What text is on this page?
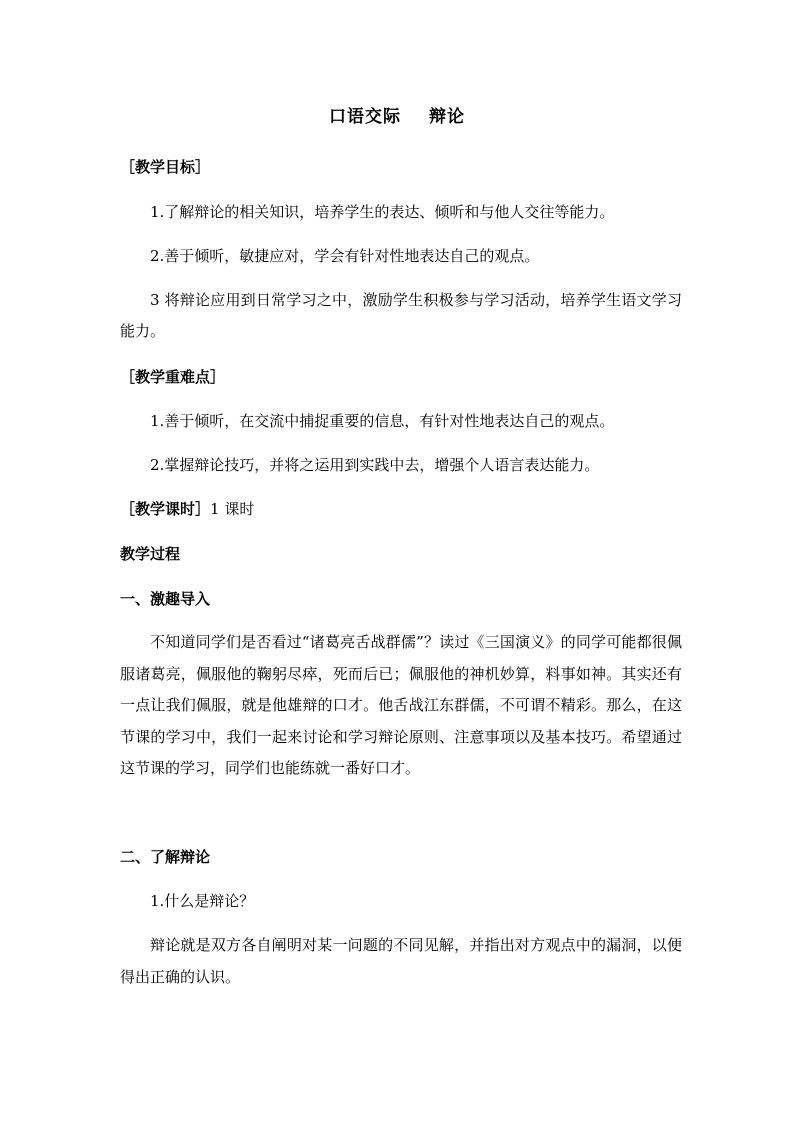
口语交际 辩论
［教学目标］
1.了解辩论的相关知识，培养学生的表达、倾听和与他人交往等能力。
2.善于倾听，敏捷应对，学会有针对性地表达自己的观点。
3 将辩论应用到日常学习之中，激励学生积极参与学习活动，培养学生语文学习能力。
［教学重难点］
1.善于倾听，在交流中捕捉重要的信息，有针对性地表达自己的观点。
2.掌握辩论技巧，并将之运用到实践中去，增强个人语言表达能力。
［教学课时］1 课时
教学过程
一、激趣导入
不知道同学们是否看过“诸葛亮舌战群儒”？读过《三国演义》的同学可能都很佩服诸葛亮，佩服他的鞠躬尽瘁，死而后已；佩服他的神机妙算，料事如神。其实还有一点让我们佩服，就是他雄辩的口才。他舌战江东群儒，不可谓不精彩。那么，在这节课的学习中，我们一起来讨论和学习辩论原则、注意事项以及基本技巧。希望通过这节课的学习，同学们也能练就一番好口才。
二、了解辩论
1.什么是辩论？
辩论就是双方各自阐明对某一问题的不同见解，并指出对方观点中的漏洞，以便得出正确的认识。
